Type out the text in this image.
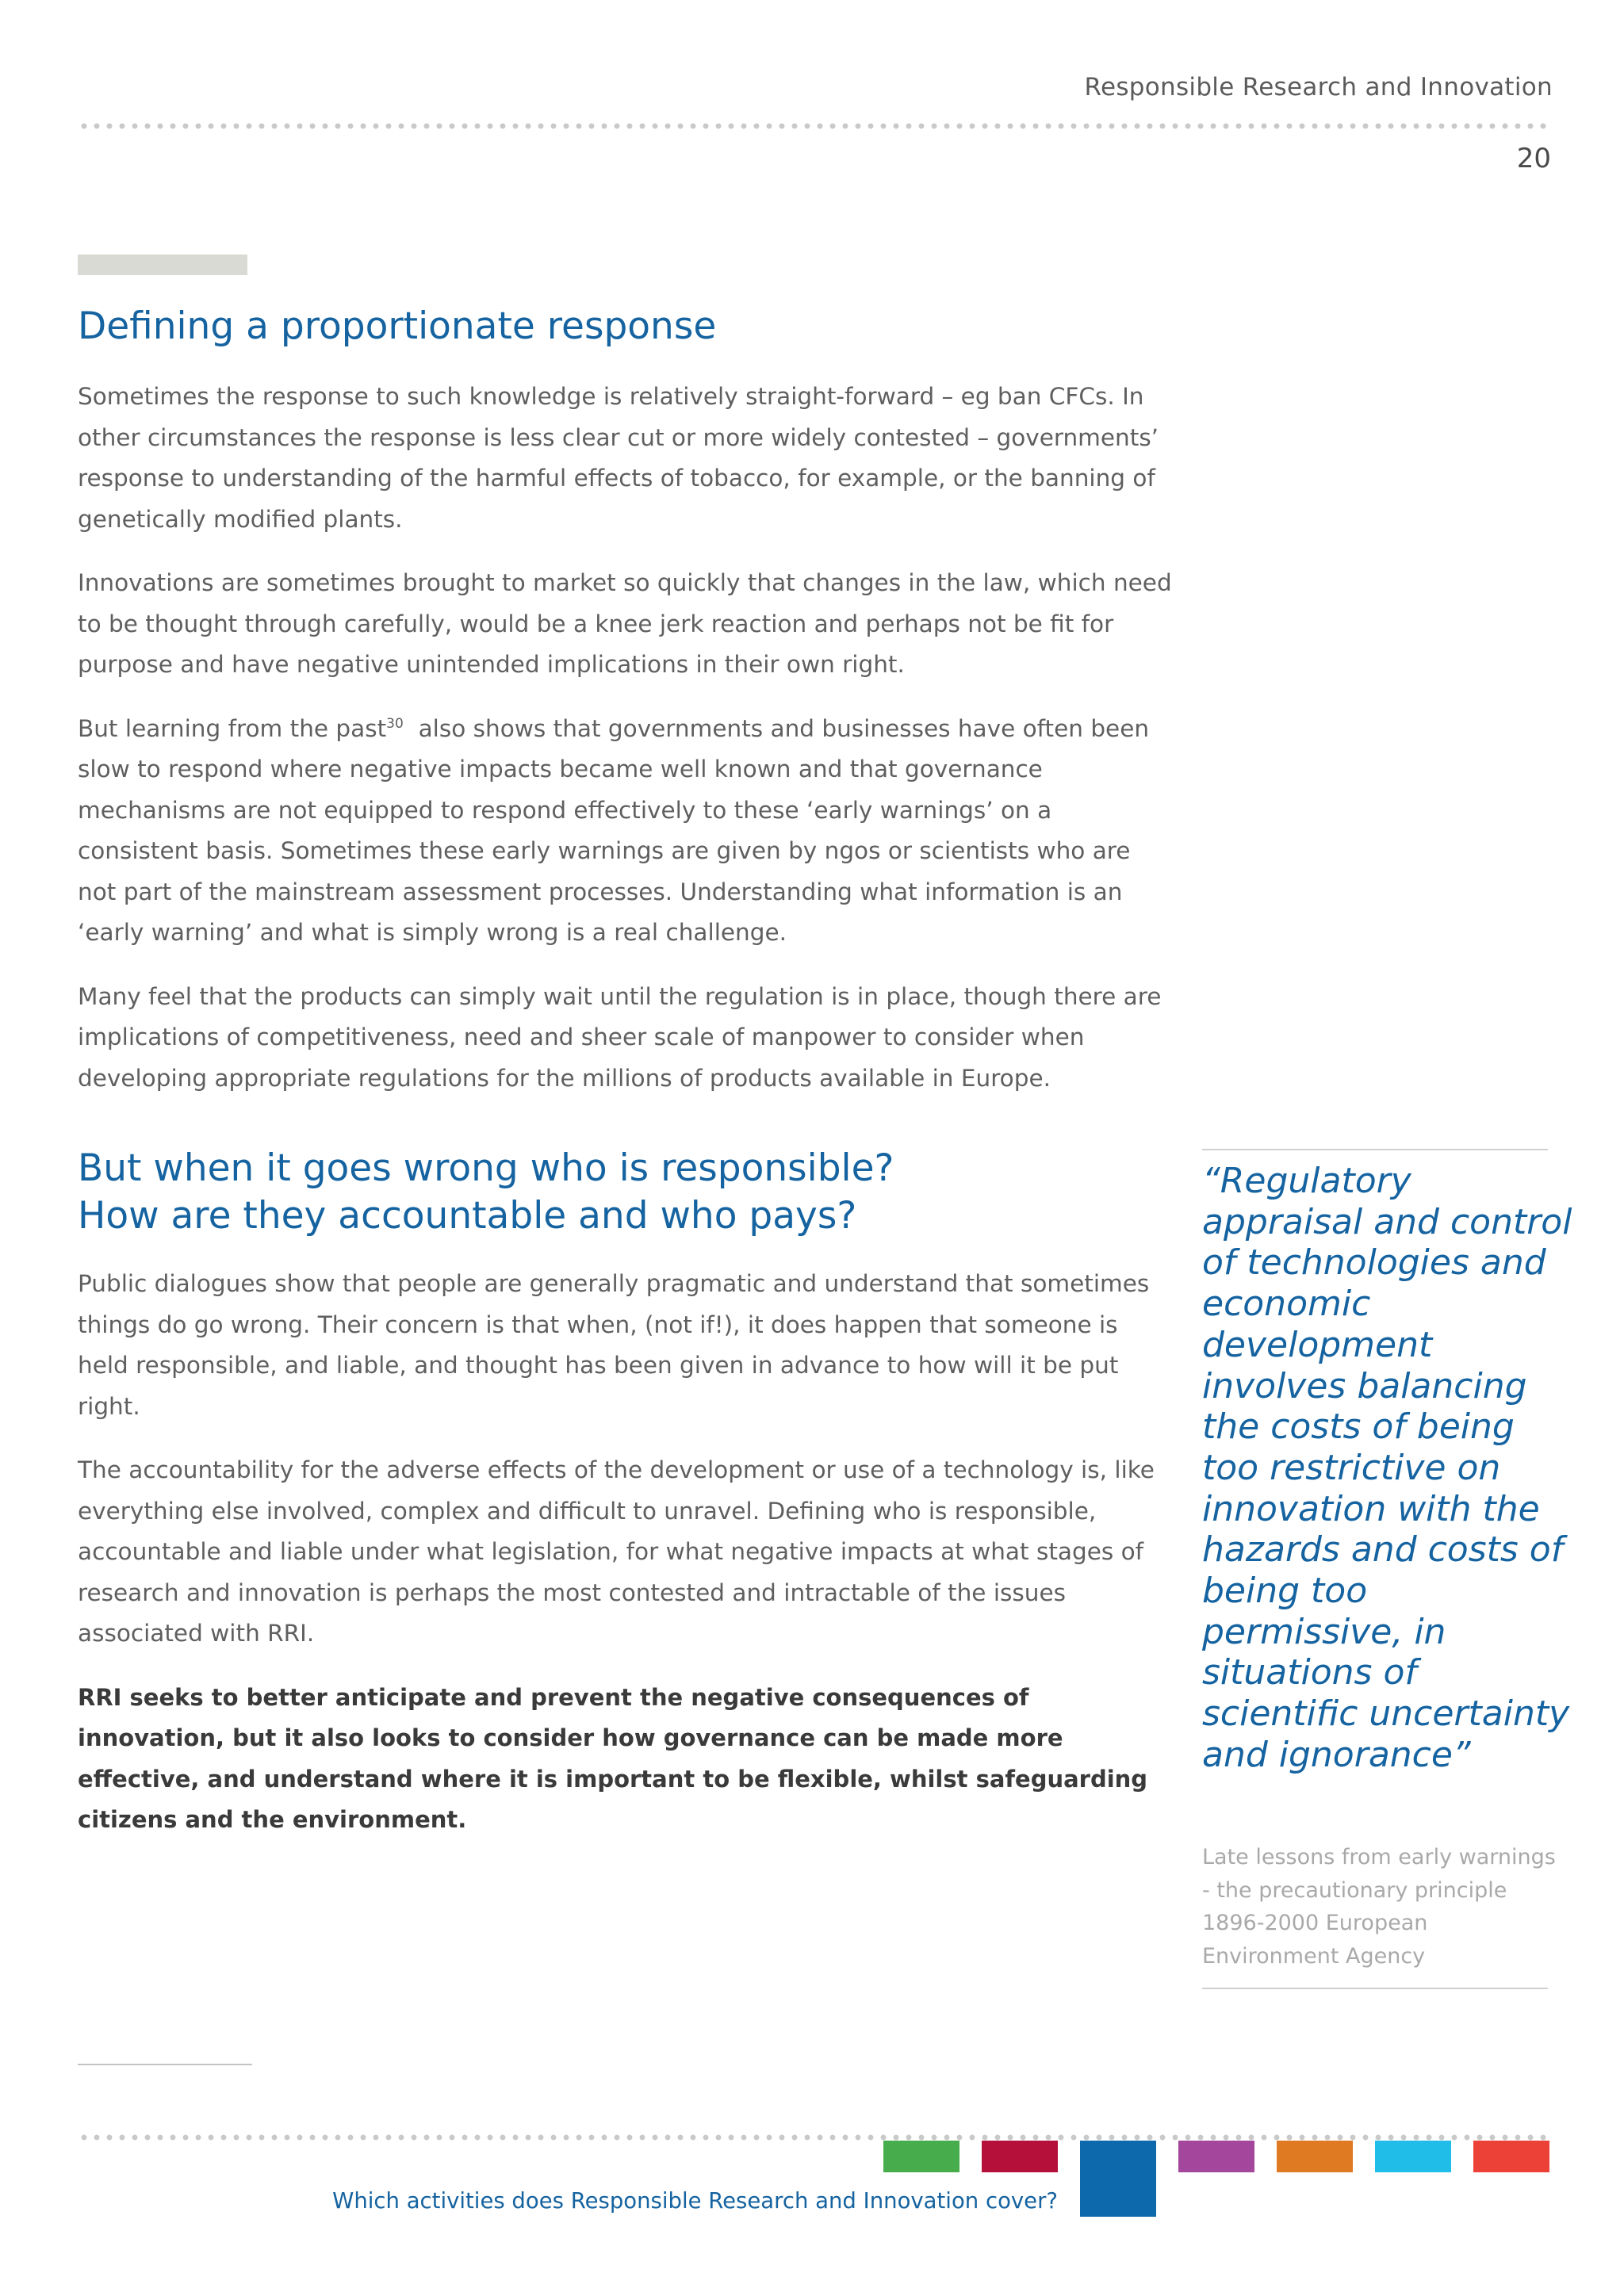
Responsible Research and Innovation
20
Defining a proportionate response

Sometimes the response to such knowledge is relatively straight-forward – eg ban CFCs. In other circumstances the response is less clear cut or more widely contested – governments’ response to understanding of the harmful effects of tobacco, for example, or the banning of genetically modified plants.

Innovations are sometimes brought to market so quickly that changes in the law, which need to be thought through carefully, would be a knee jerk reaction and perhaps not be fit for purpose and have negative unintended implications in their own right.

But learning from the past$^{30}$ also shows that governments and businesses have often been slow to respond where negative impacts became well known and that governance mechanisms are not equipped to respond effectively to these ‘early warnings’ on a consistent basis. Sometimes these early warnings are given by ngos or scientists who are not part of the mainstream assessment processes. Understanding what information is an ‘early warning’ and what is simply wrong is a real challenge.

Many feel that the products can simply wait until the regulation is in place, though there are implications of competitiveness, need and sheer scale of manpower to consider when developing appropriate regulations for the millions of products available in Europe.

But when it goes wrong who is responsible?
How are they accountable and who pays?

Public dialogues show that people are generally pragmatic and understand that sometimes things do go wrong. Their concern is that when, (not if!), it does happen that someone is held responsible, and liable, and thought has been given in advance to how will it be put right.

The accountability for the adverse effects of the development or use of a technology is, like everything else involved, complex and difficult to unravel. Defining who is responsible, accountable and liable under what legislation, for what negative impacts at what stages of research and innovation is perhaps the most contested and intractable of the issues associated with RRI.

RRI seeks to better anticipate and prevent the negative consequences of innovation, but it also looks to consider how governance can be made more effective, and understand where it is important to be flexible, whilst safeguarding citizens and the environment.

“Regulatory appraisal and control of technologies and economic development involves balancing the costs of being too restrictive on innovation with the hazards and costs of being too permissive, in situations of scientific uncertainty and ignorance”
Late lessons from early warnings - the precautionary principle 1896-2000 European Environment Agency
Which activities does Responsible Research and Innovation cover?
